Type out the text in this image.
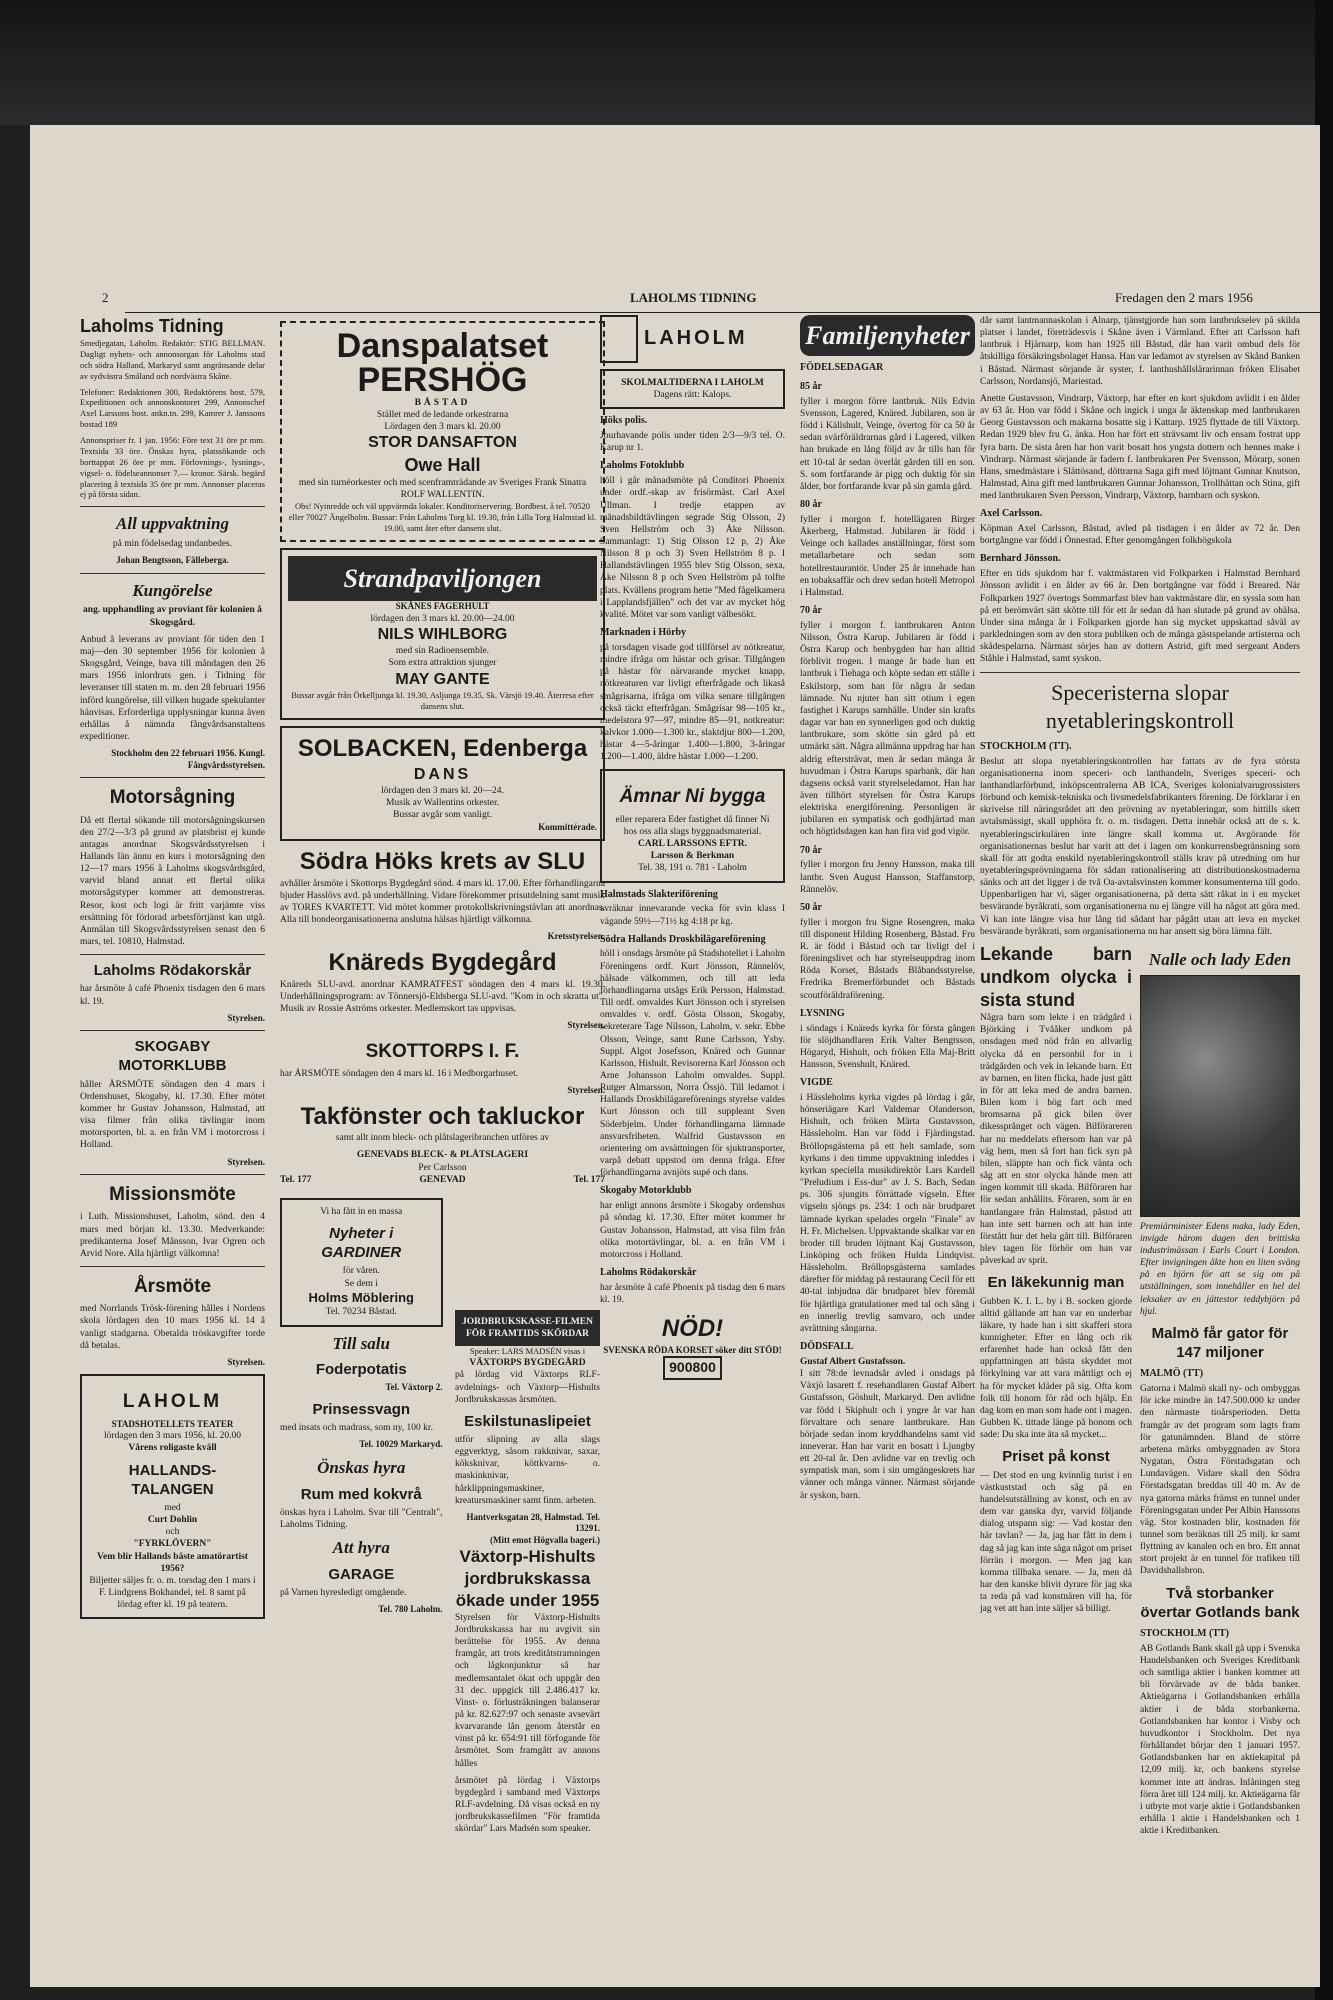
2	LAHOLMS TIDNING	Fredagen den 2 mars 1956
Laholms Tidning

Smedjegatan, Laholm. Redaktör: STIG BELLMAN. Dagligt nyhets- och annonsorgan för Laholms stad och södra Halland, Markaryd samt angränsande delar av sydvästra Småland och nordvästra Skåne.

Telefoner: Redaktionen 300, Redaktörens bost. 579, Expeditionen och annonskontoret 299, Annonschef Axel Larssons bost. ankn.tn. 299, Kamrer J. Janssons bostad 189

Annonspriser fr. 1 jan. 1956: Före text 31 öre pr mm. Textsida 33 öre. Önskas hyra, platssökande och borttappat 26 öre pr mm. Förlovnings-, lysnings-, vigsel- o. födelseannonser 7.— kronor. Särsk. begärd placering å textsida 35 öre pr mm. Annonser placeras ej på första sidan.

All uppvaktning

på min födelsedag undanbedes.

Johan Bengtsson, Fälleberga.

Kungörelse

ang. upphandling av proviant för kolonien å Skogsgård.

Anbud å leverans av proviant för tiden den 1 maj—den 30 september 1956 för kolonien å Skogsgård, Veinge, bava till måndagen den 26 mars 1956 inlordrats gen. i Tidning för leveranser till staten m. m. den 28 februari 1956 införd kungörelse, till vilken hugade spekulanter hänvisas. Erforderliga upplysningar kunna även erhållas å nämnda fångvårdsanstaltens expeditioner.

Stockholm den 22 februari 1956. Kungl. Fångvårdsstyrelsen.

Motorsågning

Då ett flertal sökande till motorsågningskursen den 27/2—3/3 på grund av platsbrist ej kunde antagas anordnar Skogsvårdsstyrelsen i Hallands län ännu en kurs i motorsågning den 12—17 mars 1956 å Laholms skogsvårdsgård, varvid bland annat ett flertal olika motorsågstyper kommer att demonstreras. Resor, kost och logi är fritt varjämte viss ersättning för förlorad arbetsförtjänst kan utgå. Anmälan till Skogsvårdsstyrelsen senast den 6 mars, tel. 10810, Halmstad.

Laholms Rödakorskår

har årsmöte å café Phoenix tisdagen den 6 mars kl. 19.

Styrelsen.

SKOGABY MOTORKLUBB

håller ÅRSMÖTE söndagen den 4 mars i Ordenshuset, Skogaby, kl. 17.30. Efter mötet kommer hr Gustav Johansson, Halmstad, att visa filmer från olika tävlingar inom motorsporten, bl. a. en från VM i motorcross i Holland.

Styrelsen.

Missionsmöte

i Luth. Missionshuset, Laholm, sönd. den 4 mars med början kl. 13.30. Medverkande: predikanterna Josef Månsson, Ivar Ogren och Arvid Nore. Alla hjärtligt välkomna!

Årsmöte

med Norrlands Trösk-förening hålles i Nordens skola lördagen den 10 mars 1956 kl. 14 å vanligt stadgarna. Obetalda tröskavgifter torde då betalas.

Styrelsen.

LAHOLM
STADSHOTELLETS TEATER
lördagen den 3 mars 1956, kl. 20.00
Vårens roligaste kväll
HALLANDS-TALANGEN
med
Curt Dohlin
och
"FYRKLÖVERN"
Vem blir Hallands bäste amatörartist 1956?
Biljetter säljes fr. o. m. torsdag den 1 mars i F. Lindgrens Bokhandel, tel. 8 samt på lördag efter kl. 19 på teatern.
Danspalatset PERSHÖG
BÅSTAD
Stället med de ledande orkestrarna
Lördagen den 3 mars kl. 20.00
STOR DANSAFTON
Owe Hall
med sin turnéorkester och med scenframträdande av Sveriges Frank Sinatra ROLF WALLENTIN.
Obs! Nyinredde och väl uppvärmda lokaler. Konditoriservering. Bordbest. å tel. 70520 eller 70027 Ängelholm. Bussar: Från Laholms Torg kl. 19.30, från Lilla Torg Halmstad kl. 19.00, samt åter efter dansens slut.
Strandpaviljongen
SKÅNES FAGERHULT
lördagen den 3 mars kl. 20.00—24.00
NILS WIHLBORG
med sin Radioensemble.
Som extra attraktion sjunger
MAY GANTE
Bussar avgår från Örkelljunga kl. 19.30, Asljunga 19.35, Sk. Värsjö 19.40. Återresa efter dansens slut.
SOLBACKEN, Edenberga
DANS
lördagen den 3 mars kl. 20—24.
Musik av Wallentins orkester.
Bussar avgår som vanligt.
Kommittérade.
Södra Höks krets av SLU

avhåller årsmöte i Skottorps Bygdegård sönd. 4 mars kl. 17.00. Efter förhandlingarna bjuder Hasslövs avd. på underhållning. Vidare förekommer prisutdelning samt musik av TORES KVARTETT. Vid mötet kommer protokollskrivningstävlan att anordnas. Alla till bondeorganisationerna anslutna hälsas hjärtligt välkomna.

Kretsstyrelsen.

Knäreds Bygdegård

Knäreds SLU-avd. anordnar KAMRATFEST söndagen den 4 mars kl. 19.30. Underhållningsprogram: av Tönnersjö-Eldsberga SLU-avd. "Kom in och skratta ut". Musik av Rossie Aströms orkester. Medlemskort tas uppvisas.

Styrelsen.

SKOTTORPS I. F.

har ÅRSMÖTE söndagen den 4 mars kl. 16 i Medborgarhuset.

Styrelsen.

Takfönster och takluckor

samt allt inom bleck- och plåtslageribranchen utföres av

GENEVADS BLECK- & PLÅTSLAGERI
Per Carlsson
Tel. 177	GENEVAD	Tel. 177
Vi ha fått in en massa
Nyheter i GARDINER
för våren.
Se dem i
Holms Möblering
Tel. 70234 Båstad.
Till salu
Foderpotatis
Tel. Växtorp 2.
Prinsessvagn

med insats och madrass, som ny, 100 kr.

Tel. 10029 Markaryd.
Önskas hyra
Rum med kokvrå

önskas hyra i Laholm. Svar till "Centralt", Laholms Tidning.

Att hyra
GARAGE

på Varnen hyresledigt omgående.

Tel. 780 Laholm.
LAHOLM
SKOLMALTIDERNA I LAHOLM
Dagens rätt: Kalops.
Höks polis.

Jourhavande polis under tiden 2/3—9/3 tel. O. Karup nr 1.

Laholms Fotoklubb

höll i går månadsmöte på Conditori Phoenix under ordf.-skap av frisörmäst. Carl Axel Ullman. I tredje etappen av månadsbildtävlingen segrade Stig Olsson, 2) Sven Hellström och 3) Åke Nilsson. Sammanlagt: 1) Stig Olsson 12 p, 2) Åke Nilsson 8 p och 3) Sven Hellström 8 p. I Hallandstävlingen 1955 blev Stig Olsson, sexa, Åke Nilsson 8 p och Sven Hellström på tolfte plats. Kvällens program hette "Med fågelkamera i Lapplandsfjällen" och det var av mycket hög kvalité. Mötet var som vanligt välbesökt.

Marknaden i Hörby

på torsdagen visade god tillförsel av nötkreatur, mindre ifråga om hästar och grisar. Tillgången på hästar för närvarande mycket knapp, nötkreaturen var livligt efterfrågade och likaså smågrisarna, ifråga om vilka senare tillgången också täckt efterfrågan. Smågrisar 98—105 kr., medelstora 97—97, mindre 85—91, notkreatur: kalvkor 1.000—1.300 kr., slaktdjur 800—1.200, hästar 4—5-åringar 1.400—1.800, 3-åringar 1.200—1.400, äldre hästar 1.000—1.200.

Ämnar Ni bygga
eller reparera Eder fastighet då finner Ni hos oss alla slags byggnadsmaterial.
CARL LARSSONS EFTR.
Larsson & Berkman
Tel. 38, 191 o. 781 - Laholm
Halmstads Slakteriförening

avräknar innevarande vecka för svin klass I vägande 59½—71½ kg 4:18 pr kg.

Södra Hallands Droskbilägareförening

höll i onsdags årsmöte på Stadshotellet i Laholm Föreningens ordf. Kurt Jönsson, Rännelöv, hälsade välkommen, och till att leda förhandlingarna utsågs Erik Persson, Halmstad. Till ordf. omvaldes Kurt Jönsson och i styrelsen omvaldes v. ordf. Gösta Olsson, Skogaby, sekreterare Tage Nilsson, Laholm, v. sekr. Ebbe Olsson, Veinge, samt Rune Carlsson, Ysby. Suppl. Algot Josefsson, Knäred och Gunnar Karlsson, Hishult. Revisorerna Karl Jönsson och Arne Johansson Laholm omvaldes. Suppl. Rutger Almarsson, Norra Össjö. Till ledamot i Hallands Droskbilägareförenings styrelse valdes Kurt Jönsson och till suppleant Sven Söderbjelm. Under förhandlingarna lämnade ansvarsfriheten. Walfrid Gustavsson en orientering om avsättningen för sjuktransporter, varpå debatt uppstod om denna fråga. Efter förhandlingarna avnjöts supé och dans.

Skogaby Motorklubb

har enligt annons årsmöte i Skogaby ordenshus på söndag kl. 17.30. Efter mötet kommer hr Gustav Johansson, Halmstad, att visa film från olika motortävlingar, bl. a. en från VM i motorcross i Holland.

Laholms Rödakorskår

har årsmöte å café Phoenix på tisdag den 6 mars kl. 19.

NÖD!
SVENSKA RÖDA KORSET söker ditt STÖD!
900800
JORDBRUKSKASSE-FILMEN FÖR FRAMTIDS SKÖRDAR
Speaker: LARS MADSÉN visas i
VÄXTORPS BYGDEGÅRD

på lördag vid Växtorps RLF-avdelnings- och Växtorp—Hishults Jordbrukskassas årsmöten.

Eskilstunaslipeiet

utför slipning av alla slags eggverktyg, såsom rakknivar, saxar, köksknivar, köttkvarns- o. maskinknivar, hårklippningsmaskiner, kreatursmaskiner samt finm. arbeten.

Hantverksgatan 28, Halmstad. Tel. 13291.
(Mitt emot Högvalla bageri.)
Växtorp-Hishults jordbrukskassa ökade under 1955

Styrelsen för Växtorp-Hishults Jordbrukskassa har nu avgivit sin berättelse för 1955. Av denna framgår, att trots kreditåtstramningen och lågkonjunktur så har medlemsantalet ökat och uppgår den 31 dec. uppgick till 2.486.417 kr. Vinst- o. förlusträkningen balanserar på kr. 82.627:97 och senaste avsevärt kvarvarande lån genom återstår en vinst på kr. 654:91 till förfogande för årsmötet. Som framgått av annons hålles

årsmötet på lördag i Växtorps bygdegård i samband med Växtorps RLF-avdelning. Då visas också en ny jordbrukskassefilmen "För framtida skördar" Lars Madsén som speaker.

Familjenyheter
FÖDELSEDAGAR
85 år

fyller i morgon förre lantbruk. Nils Edvin Svensson, Lagered, Knäred. Jubilaren, son är född i Källshult, Veinge, övertog för ca 50 år sedan svärföräldrarnas gård i Lagered, vilken han brukade en lång följd av år tills han för ett 10-tal år sedan överlät gården till en son. S. som fortfarande är pigg och duktig för sin ålder, bor fortfarande kvar på sin gamla gård.

80 år

fyller i morgon f. hotellägaren Birger Åkerberg, Halmstad. Jubilaren är född i Veinge och kallades anställningar, först som metallarbetare och sedan som hotellrestaurantör. Under 25 år innehade han en tobaksaffär och drev sedan hotell Metropol i Halmstad.

70 år

fyller i morgon f. lantbrukaren Anton Nilsson, Östra Karup. Jubilaren är född i Östra Karup och benbygden har han alltid förblivit trogen. I mange år bade han ett lantbruk i Tiehaga och köpte sedan ett ställe i Eskilstorp, som han för några år sedan lämnade. Nu njuter han sitt otium i egen fastighet i Karups samhälle. Under sin krafts dagar var han en synnerligen god och duktig lantbrukare, som skötte sin gård på ett utmärkt sätt. Några allmänna uppdrag har han aldrig eftersträvat, men år sedan mänga år huvudman i Östra Karups sparbank, där han dagsens också varit styrelseledamot. Han har även tillhört styrelsen för Östra Karups elektriska energiförening. Personligen är jubilaren en sympatisk och godhjärtad man och högtidsdagen kan han fira vid god vigör.

70 år

fyller i morgon fru Jenny Hansson, maka till lantbr. Sven August Hansson, Staffanstorp, Rännelöv.

50 år

fyller i morgon fru Signe Rosengren, maka till disponent Hilding Rosenberg, Båstad. Fru R. är född i Båstad och tar livligt del i föreningslivet och har styrelseuppdrag inom Röda Korset, Båstads Blåbandsstyrelse, Fredrika Bremerförbundet och Båstads scoutföräldraförening.

LYSNING

i söndags i Knäreds kyrka för första gången för slöjdhandlaren Erik Valter Bengtsson, Högaryd, Hishult, och fröken Ella Maj-Britt Hansson, Svenshult, Knäred.

VIGDE

i Hässleholms kyrka vigdes på lördag i går, hönseriägare Karl Valdemar Olanderson, Hishult, och fröken Märta Gustavsson, Hässleholm. Han var född i Fjärdingstad. Bröllopsgästerna på ett helt samlade, som kyrkans i den timme uppvaktning inleddes i kyrkan speciella musikdirektör Lars Kardell "Preludium i Ess-dur" av J. S. Bach, Sedan ps. 306 sjungits förrättade vigseln. Efter vigseln sjöngs ps. 234: 1 och när brudparet lämnade kyrkan spelades orgeln "Finale" av H. Fr. Michelsen. Uppvaktande skalkar var en broder till bruden löjtnant Kaj Gustavsson, Linköping och fröken Hulda Lindqvist. Hässleholm. Bröllopsgästerna samlades därefter för middag på restaurang Cecil för ett 40-tal inbjudna där brudparet blev föremål för hjärtliga gratulationer med tal och sång i en innerlig trevlig samvaro, och under avrättning sångarna.

DÖDSFALL
Gustaf Albert Gustafsson.

I sitt 78:de levnadsår avled i onsdags på Växjö lasarett f. resehandlaren Gustaf Albert Gustafsson, Göshult, Markaryd. Den avlidne var född i Skiphult och i yngre år var han förvaltare och senare lantbrukare. Han började sedan inom kryddhandelns samt vid inneverar. Han har varit en bosatt i Ljungby ett 20-tal år. Den avlidne var en trevlig och sympatisk man, som i sin umgängeskrets har vänner och många vänner. Närmast sörjande är syskon, barn.

dår samt lantmannaskolan i Alnarp, tjänstgjorde han som lantbrukselev på skilda platser i landet, företrädesvis i Skåne även i Värmland. Efter att Carlsson haft lantbruk i Hjärnarp, kom han 1925 till Båstad, där han varit ombud dels för åtskilliga försäkringsbolaget Hansa. Han var ledamot av styrelsen av Skånd Banken i Båstad. Närmast sörjande är syster, f. lanthushållslärarinnan fröken Elisabet Carlsson, Nordansjö, Mariestad.

Anette Gustavsson, Vindrarp, Växtorp, har efter en kort sjukdom avlidit i en ålder av 63 år. Hon var född i Skåne och ingick i unga år äktenskap med lantbrukaren Georg Gustavsson och makarna bosatte sig i Kattarp. 1925 flyttade de till Växtorp. Redan 1929 blev fru G. änka. Hon har fört ett strävsamt liv och ensam fostrat upp fyra barn. De sista åren har hon varit bosatt hos yngsta dottern och hennes make i Vindrarp. Närmast sörjande är fadern f. lantbrukaren Per Svensson, Mörarp, sonen Hans, smedmästare i Slättösand, döttrarna Saga gift med löjtnant Gunnar Knutson, Halmstad, Aina gift med lantbrukaren Gunnar Johansson, Trollhättan och Stina, gift med lantbrukaren Sven Persson, Vindrarp, Växtorp, barnbarn och syskon.

Axel Carlsson.

Köpman Axel Carlsson, Båstad, avled på tisdagen i en ålder av 72 år. Den bortgångne var född i Önnestad. Efter genomgången folkhögskola

Bernhard Jönsson.

Efter en tids sjukdom har f. vaktmästaren vid Folkparken i Halmstad Bernhard Jönsson avlidit i en ålder av 66 år. Den bortgångne var född i Breared. När Folkparken 1927 övertogs Sommarfast blev han vaktmästare där, en syssla som han på ett berömvärt sätt skötte till för ett år sedan då han slutade på grund av ohälsa. Under sina många år i Folkparken gjorde han sig mycket uppskattad såväl av parkledningen som av den stora publiken och de många gästspelande artisterna och skådespelarna. Närmast sörjes han av dottern Astrid, gift med sergeant Anders Ståhle i Halmstad, samt syskon.

Speceristerna slopar nyetableringskontroll
STOCKHOLM (TT).

Beslut att slopa nyetableringskontrollen har fattats av de fyra största organisationerna inom speceri- och lanthandeln, Sveriges speceri- och lanthandlarförbund, inköpscentralerna AB ICA, Sveriges kolonialvarugrossisters förbund och kemisk-tekniska och livsmedelsfabrikanters förening. De förklarar i en skrivelse till näringsrådet att den prövning av nyetableringar, som hittills skett avtalsmässigt, skall upphöra fr. o. m. tisdagen. Detta innebär också att de s. k. nyetableringscirkulären inte längre skall komma ut. Avgörande för organisationernas beslut har varit att det i lagen om konkurrensbegränsning som skall för att godta enskild nyetableringskontroll ställs krav på utredning om hur nyetableringsprövningarna för sådan rationalisering att distributionskostnaderna sänks och att det ligger i de två Oa-avtalsvinsten kommer konsumenterna till godo. Uppenbarligen har vi, säger organisationerna, på detta sätt råkat in i en mycket besvärande byråkrati, som organisationerna nu ej längre vill ha något att göra med. Vi kan inte längre visa hur lång tid sådant har pågått utan att leva en mycket besvärande byråkrati, som organisationerna nu har ansett sig böra lämna fält.

Lekande barn undkom olycka i sista stund

Några barn som lekte i en trädgård i Björkäng i Tvååker undkom på onsdagen med nöd från en allvarlig olycka då en personbil for in i trädgården och vek in lekande barn. Ett av barnen, en liten flicka, hade just gått in för att leka med de andra barnen. Bilen kom i hög fart och med bromsarna på gick bilen över dikessprånget och vägen. Bilförareren har nu meddelats eftersom han var på väg hem, men så fort han fick syn på bilen, släppte han och fick vänta och såg att en stor olycka hände men att ingen kommit till skada. Bilföraren har för sedan anhållits. Föraren, som är en hantlangare från Halmstad, påstod att han inte sett barnen och att han inte förstått hur det hela gått till. Bilföraren blev tagen för förhör om han var påverkad av sprit.

En läkekunnig man

Gubben K. I. L. by i B. socken gjorde alltid gällande att han var en underbar läkare, ty hade han i sitt skafferi stora kunnigheter. Efter en lång och rik erfarenhet hade han också fått den uppfattningen att bästa skyddet mot förkylning var att vara måttligt och ej ha för mycket kläder på sig. Ofta kom folk till honom för råd och hjälp. En dag kom en man som hade ont i magen. Gubben K. tittade länge på honom och sade: Du ska inte äta så mycket...

Priset på konst

— Det stod en ung kvinnlig turist i en västkuststad och såg på en handelsutställning av konst, och en av dem var ganska dyr, varvid följande dialog utspann sig: — Vad kostar den här tavlan? — Ja, jag har fått in dem i dag så jag kan inte säga något om priset förrän i morgon. — Men jag kan komma tillbaka senare. — Ja, men då har den kanske blivit dyrare för jag ska ta reda på vad konstnären vill ha, för jag vet att han inte säljer så billigt.

Nalle och lady Eden

Premiärminister Edens maka, lady Eden, invigde härom dagen den brittiska industrimässan i Earls Court i London. Efter invigningen åkte hon en liten sväng på en björn för att se sig om på utställningen, som innehåller en hel del leksaker av en jättestor teddybjörn på hjul.

Malmö får gator för 147 miljoner
MALMÖ (TT)

Gatorna i Malmö skall ny- och ombyggas för icke mindre än 147.500.000 kr under den närmaste tioårsperioden. Detta framgår av det program som lagts fram för gatunämnden. Bland de större arbetena märks ombyggnaden av Stora Nygatan, Östra Förstadsgatan och Lundavägen. Vidare skall den Södra Förstadsgatan breddas till 40 m. Av de nya gatorna märks främst en tunnel under Föreningsgatan under Per Albin Hanssons väg. Stor kostnaden blir, kostnaden för tunnel som beräknas till 25 milj. kr samt flyttning av kanalen och en bro. Ett annat stort projekt är en tunnel för trafiken till Davidshallsbron.

Två storbanker övertar Gotlands bank
STOCKHOLM (TT)

AB Gotlands Bank skall gå upp i Svenska Handelsbanken och Sveriges Kreditbank och samtliga aktier i banken kommer att bli förvärvade av de båda banker. Aktieägarna i Gotlandsbanken erhålla aktier i de båda storbankerna. Gotlandsbanken har kontor i Visby och huvudkontor i Stockholm. Det nya förhållandet börjar den 1 januari 1957. Gotlandsbanken har en aktiekapital på 12,09 milj. kr, och bankens styrelse kommer inte att ändras. Inlåningen steg förra året till 124 milj. kr. Aktieägarna får i utbyte mot varje aktie i Gotlandsbanken erhålla 1 aktie i Handelsbanken och 1 aktie i Kreditbanken.
